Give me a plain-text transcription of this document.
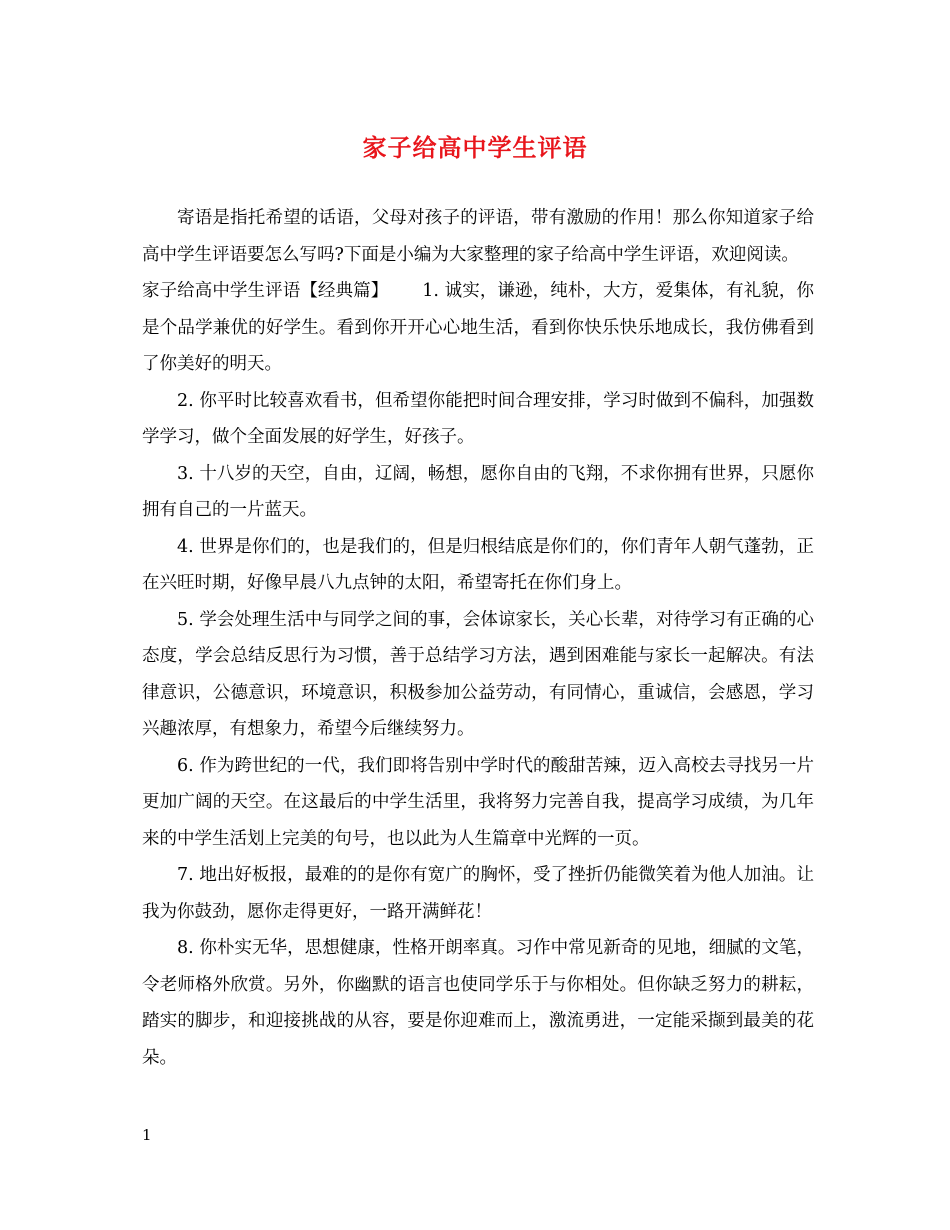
家子给高中学生评语

寄语是指托希望的话语，父母对孩子的评语，带有激励的作用！那么你知道家子给高中学生评语要怎么写吗?下面是小编为大家整理的家子给高中学生评语，欢迎阅读。

家子给高中学生评语【经典篇】 1. 诚实，谦逊，纯朴，大方，爱集体，有礼貌，你是个品学兼优的好学生。看到你开开心心地生活，看到你快乐快乐地成长，我仿佛看到了你美好的明天。

2. 你平时比较喜欢看书，但希望你能把时间合理安排，学习时做到不偏科，加强数学学习，做个全面发展的好学生，好孩子。

3. 十八岁的天空，自由，辽阔，畅想，愿你自由的飞翔，不求你拥有世界，只愿你拥有自己的一片蓝天。

4. 世界是你们的，也是我们的，但是归根结底是你们的，你们青年人朝气蓬勃，正在兴旺时期，好像早晨八九点钟的太阳，希望寄托在你们身上。

5. 学会处理生活中与同学之间的事，会体谅家长，关心长辈，对待学习有正确的心态度，学会总结反思行为习惯，善于总结学习方法，遇到困难能与家长一起解决。有法律意识，公德意识，环境意识，积极参加公益劳动，有同情心，重诚信，会感恩，学习兴趣浓厚，有想象力，希望今后继续努力。

6. 作为跨世纪的一代，我们即将告别中学时代的酸甜苦辣，迈入高校去寻找另一片更加广阔的天空。在这最后的中学生活里，我将努力完善自我，提高学习成绩，为几年来的中学生活划上完美的句号，也以此为人生篇章中光辉的一页。

7. 地出好板报，最难的的是你有宽广的胸怀，受了挫折仍能微笑着为他人加油。让我为你鼓劲，愿你走得更好，一路开满鲜花！

8. 你朴实无华，思想健康，性格开朗率真。习作中常见新奇的见地，细腻的文笔，令老师格外欣赏。另外，你幽默的语言也使同学乐于与你相处。但你缺乏努力的耕耘，踏实的脚步，和迎接挑战的从容，要是你迎难而上，激流勇进，一定能采撷到最美的花朵。

1
